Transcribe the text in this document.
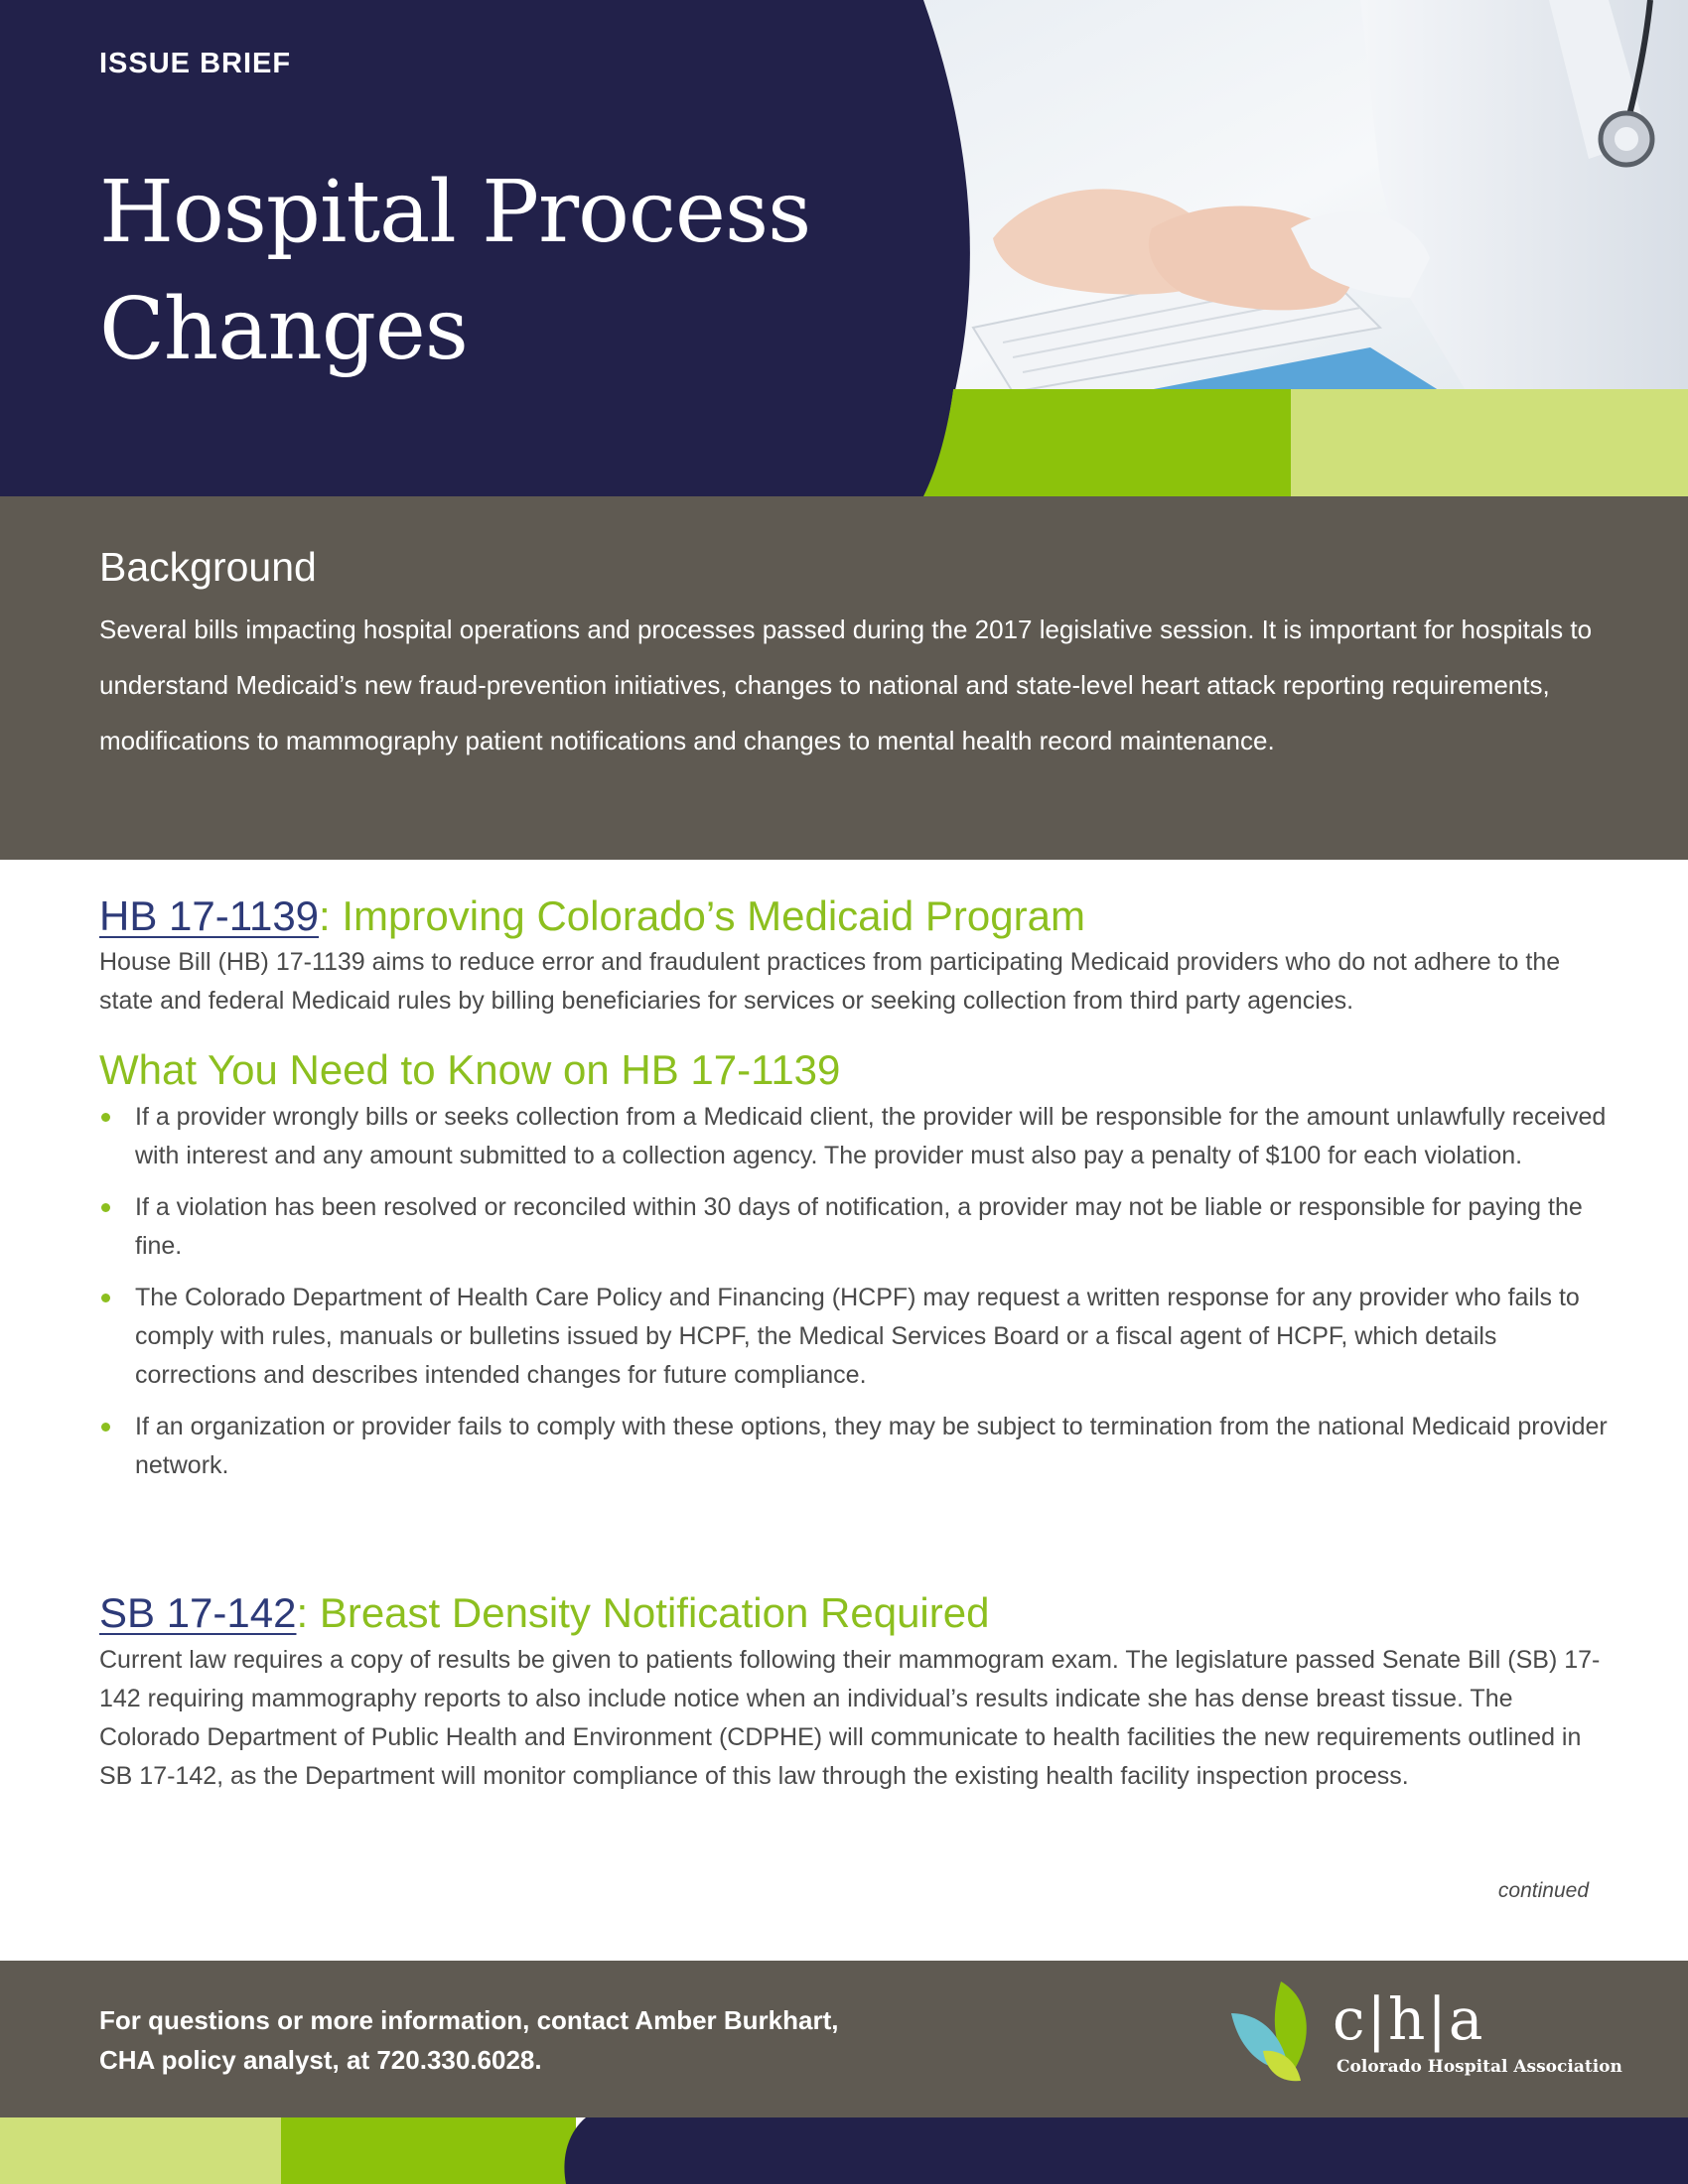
ISSUE BRIEF
Hospital Process
Changes
Background

Several bills impacting hospital operations and processes passed during the 2017 legislative session. It is important for hospitals to understand Medicaid’s new fraud-prevention initiatives, changes to national and state-level heart attack reporting requirements, modifications to mammography patient notifications and changes to mental health record maintenance.

HB 17-1139: Improving Colorado’s Medicaid Program

House Bill (HB) 17-1139 aims to reduce error and fraudulent practices from participating Medicaid providers who do not adhere to the state and federal Medicaid rules by billing beneficiaries for services or seeking collection from third party agencies.

What You Need to Know on HB 17-1139
If a provider wrongly bills or seeks collection from a Medicaid client, the provider will be responsible for the amount unlawfully received with interest and any amount submitted to a collection agency. The provider must also pay a penalty of $100 for each violation.
If a violation has been resolved or reconciled within 30 days of notification, a provider may not be liable or responsible for paying the fine.
The Colorado Department of Health Care Policy and Financing (HCPF) may request a written response for any provider who fails to comply with rules, manuals or bulletins issued by HCPF, the Medical Services Board or a fiscal agent of HCPF, which details corrections and describes intended changes for future compliance.
If an organization or provider fails to comply with these options, they may be subject to termination from the national Medicaid provider network.
SB 17-142: Breast Density Notification Required

Current law requires a copy of results be given to patients following their mammogram exam. The legislature passed Senate Bill (SB) 17-142 requiring mammography reports to also include notice when an individual’s results indicate she has dense breast tissue. The Colorado Department of Public Health and Environment (CDPHE) will communicate to health facilities the new requirements outlined in SB 17-142, as the Department will monitor compliance of this law through the existing health facility inspection process.

continued
For questions or more information, contact Amber Burkhart,
CHA policy analyst, at 720.330.6028.
c|h|a
Colorado Hospital Association
